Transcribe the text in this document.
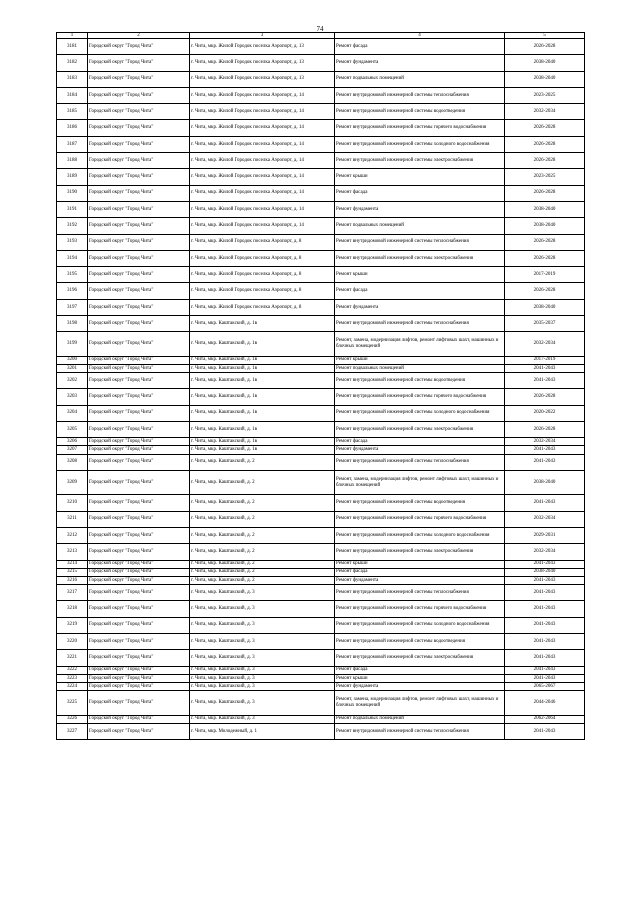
74
1	2	3	4	5
3181	Городской округ "Город Чита"	г. Чита, мкр. Жилой Городок поселка Аэропорт, д. 13	Ремонт фасада	2026-2028
3182	Городской округ "Город Чита"	г. Чита, мкр. Жилой Городок поселка Аэропорт, д. 13	Ремонт фундамента	2038-2040
3183	Городской округ "Город Чита"	г. Чита, мкр. Жилой Городок поселка Аэропорт, д. 13	Ремонт подвальных помещений	2038-2040
3184	Городской округ "Город Чита"	г. Чита, мкр. Жилой Городок поселка Аэропорт, д. 14	Ремонт внутридомовой инженерной системы теплоснабжения	2023-2025
3185	Городской округ "Город Чита"	г. Чита, мкр. Жилой Городок поселка Аэропорт, д. 14	Ремонт внутридомовой инженерной системы водоотведения	2032-2034
3186	Городской округ "Город Чита"	г. Чита, мкр. Жилой Городок поселка Аэропорт, д. 14	Ремонт внутридомовой инженерной системы горячего водоснабжения	2026-2028
3187	Городской округ "Город Чита"	г. Чита, мкр. Жилой Городок поселка Аэропорт, д. 14	Ремонт внутридомовой инженерной системы холодного водоснабжения	2026-2028
3188	Городской округ "Город Чита"	г. Чита, мкр. Жилой Городок поселка Аэропорт, д. 14	Ремонт внутридомовой инженерной системы электроснабжения	2026-2028
3189	Городской округ "Город Чита"	г. Чита, мкр. Жилой Городок поселка Аэропорт, д. 14	Ремонт крыши	2023-2025
3190	Городской округ "Город Чита"	г. Чита, мкр. Жилой Городок поселка Аэропорт, д. 14	Ремонт фасада	2026-2028
3191	Городской округ "Город Чита"	г. Чита, мкр. Жилой Городок поселка Аэропорт, д. 14	Ремонт фундамента	2038-2040
3192	Городской округ "Город Чита"	г. Чита, мкр. Жилой Городок поселка Аэропорт, д. 14	Ремонт подвальных помещений	2038-2040
3193	Городской округ "Город Чита"	г. Чита, мкр. Жилой Городок поселка Аэропорт, д. 8	Ремонт внутридомовой инженерной системы теплоснабжения	2026-2028
3194	Городской округ "Город Чита"	г. Чита, мкр. Жилой Городок поселка Аэропорт, д. 8	Ремонт внутридомовой инженерной системы электроснабжения	2026-2028
3195	Городской округ "Город Чита"	г. Чита, мкр. Жилой Городок поселка Аэропорт, д. 8	Ремонт крыши	2017-2019
3196	Городской округ "Город Чита"	г. Чита, мкр. Жилой Городок поселка Аэропорт, д. 8	Ремонт фасада	2026-2028
3197	Городской округ "Город Чита"	г. Чита, мкр. Жилой Городок поселка Аэропорт, д. 8	Ремонт фундамента	2038-2040
3198	Городской округ "Город Чита"	г. Чита, мкр. Каштакский, д. 1в	Ремонт внутридомовой инженерной системы теплоснабжения	2035-2037
3199	Городской округ "Город Чита"	г. Чита, мкр. Каштакский, д. 1в	Ремонт, замена, модернизация лифтов, ремонт лифтовых шахт, машинных и блочных помещений	2032-2034
3200	Городской округ "Город Чита"	г. Чита, мкр. Каштакский, д. 1в	Ремонт крыши	2017-2019
3201	Городской округ "Город Чита"	г. Чита, мкр. Каштакский, д. 1в	Ремонт подвальных помещений	2041-2043
3202	Городской округ "Город Чита"	г. Чита, мкр. Каштакский, д. 1в	Ремонт внутридомовой инженерной системы водоотведения	2041-2043
3203	Городской округ "Город Чита"	г. Чита, мкр. Каштакский, д. 1в	Ремонт внутридомовой инженерной системы горячего водоснабжения	2026-2028
3204	Городской округ "Город Чита"	г. Чита, мкр. Каштакский, д. 1в	Ремонт внутридомовой инженерной системы холодного водоснабжения	2020-2022
3205	Городской округ "Город Чита"	г. Чита, мкр. Каштакский, д. 1в	Ремонт внутридомовой инженерной системы электроснабжения	2026-2028
3206	Городской округ "Город Чита"	г. Чита, мкр. Каштакский, д. 1в	Ремонт фасада	2032-2034
3207	Городской округ "Город Чита"	г. Чита, мкр. Каштакский, д. 1в	Ремонт фундамента	2041-2043
3208	Городской округ "Город Чита"	г. Чита, мкр. Каштакский, д. 2	Ремонт внутридомовой инженерной системы теплоснабжения	2041-2043
3209	Городской округ "Город Чита"	г. Чита, мкр. Каштакский, д. 2	Ремонт, замена, модернизация лифтов, ремонт лифтовых шахт, машинных и блочных помещений	2038-2040
3210	Городской округ "Город Чита"	г. Чита, мкр. Каштакский, д. 2	Ремонт внутридомовой инженерной системы водоотведения	2041-2043
3211	Городской округ "Город Чита"	г. Чита, мкр. Каштакский, д. 2	Ремонт внутридомовой инженерной системы горячего водоснабжения	2032-2034
3212	Городской округ "Город Чита"	г. Чита, мкр. Каштакский, д. 2	Ремонт внутридомовой инженерной системы холодного водоснабжения	2029-2031
3213	Городской округ "Город Чита"	г. Чита, мкр. Каштакский, д. 2	Ремонт внутридомовой инженерной системы электроснабжения	2032-2034
3214	Городской округ "Город Чита"	г. Чита, мкр. Каштакский, д. 2	Ремонт крыши	2041-2043
3215	Городской округ "Город Чита"	г. Чита, мкр. Каштакский, д. 2	Ремонт фасада	2038-2040
3216	Городской округ "Город Чита"	г. Чита, мкр. Каштакский, д. 2	Ремонт фундамента	2041-2043
3217	Городской округ "Город Чита"	г. Чита, мкр. Каштакский, д. 3	Ремонт внутридомовой инженерной системы теплоснабжения	2041-2043
3218	Городской округ "Город Чита"	г. Чита, мкр. Каштакский, д. 3	Ремонт внутридомовой инженерной системы горячего водоснабжения	2041-2043
3219	Городской округ "Город Чита"	г. Чита, мкр. Каштакский, д. 3	Ремонт внутридомовой инженерной системы холодного водоснабжения	2041-2043
3220	Городской округ "Город Чита"	г. Чита, мкр. Каштакский, д. 3	Ремонт внутридомовой инженерной системы водоотведения	2041-2043
3221	Городской округ "Город Чита"	г. Чита, мкр. Каштакский, д. 3	Ремонт внутридомовой инженерной системы электроснабжения	2041-2043
3222	Городской округ "Город Чита"	г. Чита, мкр. Каштакский, д. 3	Ремонт фасада	2041-2043
3223	Городской округ "Город Чита"	г. Чита, мкр. Каштакский, д. 3	Ремонт крыши	2041-2043
3224	Городской округ "Город Чита"	г. Чита, мкр. Каштакский, д. 3	Ремонт фундамента	2065-2067
3225	Городской округ "Город Чита"	г. Чита, мкр. Каштакский, д. 3	Ремонт, замена, модернизация лифтов, ремонт лифтовых шахт, машинных и блочных помещений	2044-2046
3226	Городской округ "Город Чита"	г. Чита, мкр. Каштакский, д. 3	Ремонт подвальных помещений	2062-2064
3227	Городской округ "Город Чита"	г. Чита, мкр. Молодежный, д. 1	Ремонт внутридомовой инженерной системы теплоснабжения	2041-2043
